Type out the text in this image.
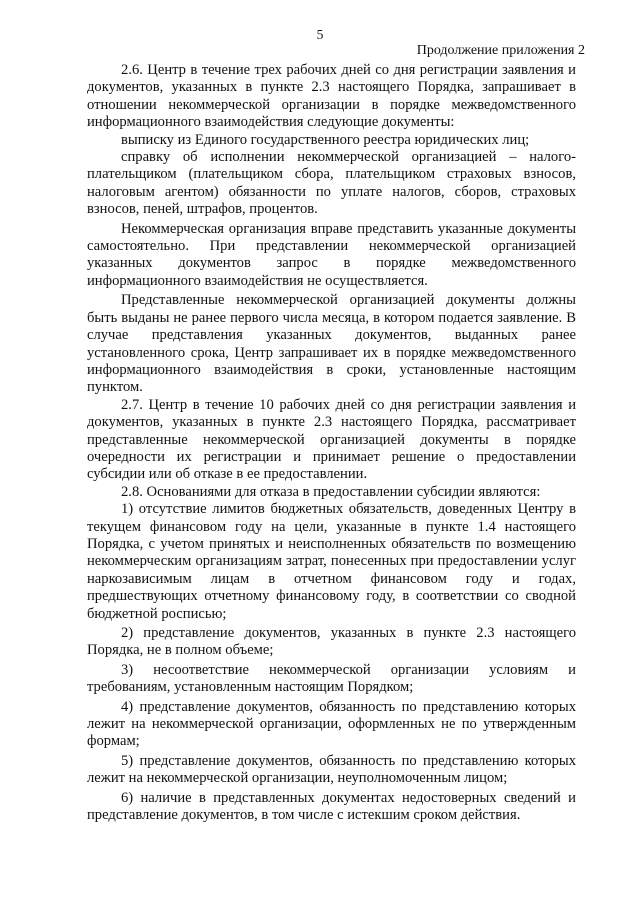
5
Продолжение приложения 2

2.6. Центр в течение трех рабочих дней со дня регистрации заявления и документов, указанных в пункте 2.3 настоящего Порядка, запрашивает в отношении некоммерческой организации в порядке межведомственного информационного взаимодействия следующие документы:

выписку из Единого государственного реестра юридических лиц;

справку об исполнении некоммерческой организацией – налого-плательщиком (плательщиком сбора, плательщиком страховых взносов, налоговым агентом) обязанности по уплате налогов, сборов, страховых взносов, пеней, штрафов, процентов.

Некоммерческая организация вправе представить указанные документы самостоятельно. При представлении некоммерческой организацией указанных документов запрос в порядке межведомственного информационного взаимодействия не осуществляется.

Представленные некоммерческой организацией документы должны быть выданы не ранее первого числа месяца, в котором подается заявление. В случае представления указанных документов, выданных ранее установленного срока, Центр запрашивает их в порядке межведомственного информационного взаимодействия в сроки, установленные настоящим пунктом.

2.7. Центр в течение 10 рабочих дней со дня регистрации заявления и документов, указанных в пункте 2.3 настоящего Порядка, рассматривает представленные некоммерческой организацией документы в порядке очередности их регистрации и принимает решение о предоставлении субсидии или об отказе в ее предоставлении.

2.8. Основаниями для отказа в предоставлении субсидии являются:

1) отсутствие лимитов бюджетных обязательств, доведенных Центру в текущем финансовом году на цели, указанные в пункте 1.4 настоящего Порядка, с учетом принятых и неисполненных обязательств по возмещению некоммерческим организациям затрат, понесенных при предоставлении услуг наркозависимым лицам в отчетном финансовом году и годах, предшествующих отчетному финансовому году, в соответствии со сводной бюджетной росписью;

2) представление документов, указанных в пункте 2.3 настоящего Порядка, не в полном объеме;

3) несоответствие некоммерческой организации условиям и требованиям, установленным настоящим Порядком;

4) представление документов, обязанность по представлению которых лежит на некоммерческой организации, оформленных не по утвержденным формам;

5) представление документов, обязанность по представлению которых лежит на некоммерческой организации, неуполномоченным лицом;

6) наличие в представленных документах недостоверных сведений и представление документов, в том числе с истекшим сроком действия.
